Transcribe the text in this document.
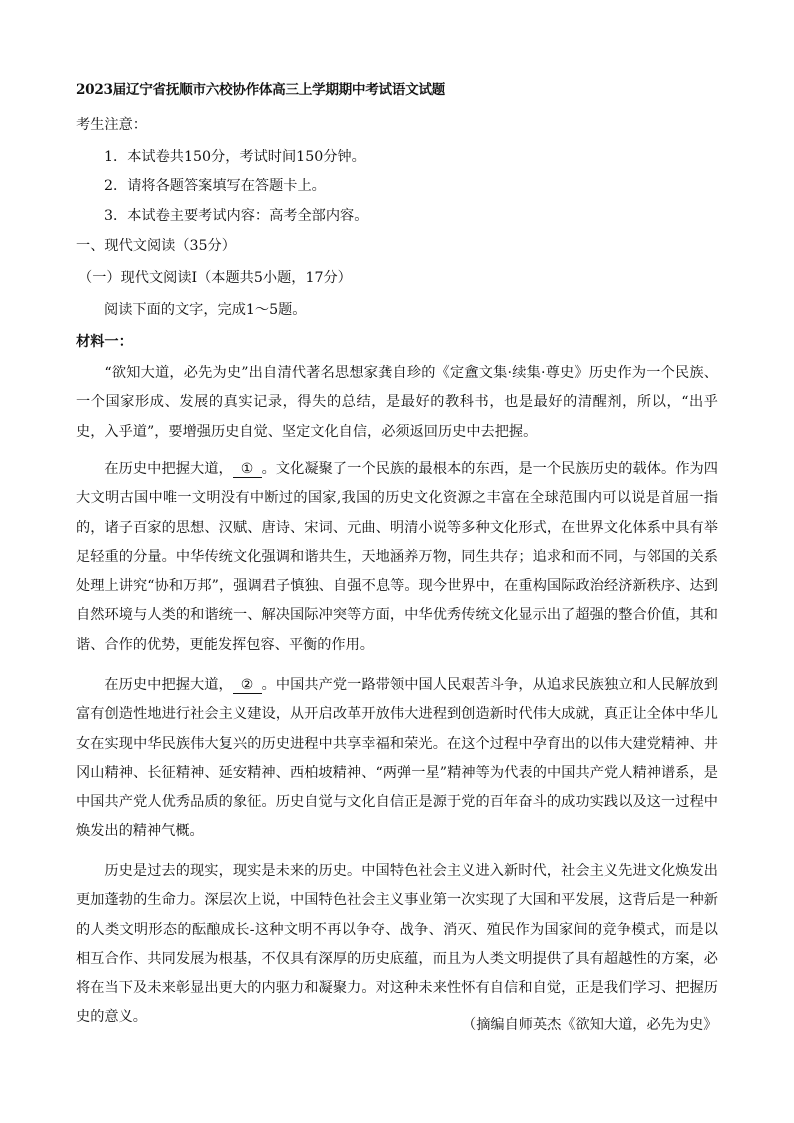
2023届辽宁省抚顺市六校协作体高三上学期期中考试语文试题
考生注意：
1．本试卷共150分，考试时间150分钟。
2．请将各题答案填写在答题卡上。
3．本试卷主要考试内容：高考全部内容。
一、现代文阅读（35分）
（一）现代文阅读I（本题共5小题，17分）
阅读下面的文字，完成1～5题。
材料一：

“欲知大道，必先为史”出自清代著名思想家龚自珍的《定盦文集·续集·尊史》历史作为一个民族、一个国家形成、发展的真实记录，得失的总结，是最好的教科书，也是最好的清醒剂，所以，“出乎史，入乎道”，要增强历史自觉、坚定文化自信，必须返回历史中去把握。

在历史中把握大道， ① 。文化凝聚了一个民族的最根本的东西，是一个民族历史的载体。作为四大文明古国中唯一文明没有中断过的国家,我国的历史文化资源之丰富在全球范围内可以说是首屈一指的，诸子百家的思想、汉赋、唐诗、宋词、元曲、明清小说等多种文化形式，在世界文化体系中具有举足轻重的分量。中华传统文化强调和谐共生，天地涵养万物，同生共存；追求和而不同，与邻国的关系处理上讲究“协和万邦”，强调君子慎独、自强不息等。现今世界中，在重构国际政治经济新秩序、达到自然环境与人类的和谐统一、解决国际冲突等方面，中华优秀传统文化显示出了超强的整合价值，其和谐、合作的优势，更能发挥包容、平衡的作用。

在历史中把握大道， ② 。中国共产党一路带领中国人民艰苦斗争，从追求民族独立和人民解放到富有创造性地进行社会主义建设，从开启改革开放伟大进程到创造新时代伟大成就，真正让全体中华儿女在实现中华民族伟大复兴的历史进程中共享幸福和荣光。在这个过程中孕育出的以伟大建党精神、井冈山精神、长征精神、延安精神、西柏坡精神、“两弹一星”精神等为代表的中国共产党人精神谱系，是中国共产党人优秀品质的象征。历史自觉与文化自信正是源于党的百年奋斗的成功实践以及这一过程中焕发出的精神气概。

历史是过去的现实，现实是未来的历史。中国特色社会主义进入新时代，社会主义先进文化焕发出更加蓬勃的生命力。深层次上说，中国特色社会主义事业第一次实现了大国和平发展，这背后是一种新的人类文明形态的酝酿成长-这种文明不再以争夺、战争、消灭、殖民作为国家间的竞争模式，而是以相互合作、共同发展为根基，不仅具有深厚的历史底蕴，而且为人类文明提供了具有超越性的方案，必将在当下及未来彰显出更大的内驱力和凝聚力。对这种未来性怀有自信和自觉，正是我们学习、把握历史的意义。	（摘编自师英杰《欲知大道，必先为史》
